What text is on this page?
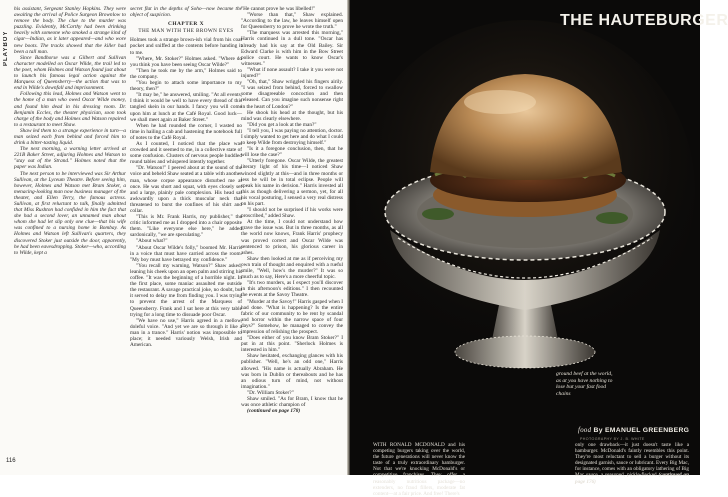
PLAYBOY
116

his assistant, Sergeant Stanley Hopkins. They were awaiting the arrival of Police Surgeon Brownlow to remove the body. The clue to the murder was puzzling. Evidently, McCarthy had been drinking heavily with someone who smoked a strange kind of cigar—Indian, as it later appeared—and who wore new boots. The tracks showed that the killer had been a tall man.

Since Bandhorse was a Gilbert and Sullivan character modelled on Oscar Wilde, the trail led to the poet, whom Holmes and Watson found just about to launch his famous legal action against the Marquess of Queensberry—the action that was to end in Wilde's downfall and imprisonment.

Following this lead, Holmes and Watson went to the home of a man who owed Oscar Wilde money, and found him dead in his dressing room. Dr. Benjamin Eccles, the theater physician, soon took charge of the body and Holmes and Watson repaired to a restaurant to meet Shaw.

Shaw led them to a strange experience in turn—a man seized each from behind and forced him to drink a bitter-tasting liquid.

The next morning, a warning letter arrived at 221B Baker Street, adjuring Holmes and Watson to "stay out of the Strand." Holmes noted that the paper was Indian.

The next person to be interviewed was Sir Arthur Sullivan, at the Lyceum Theatre. Before seeing him, however, Holmes and Watson met Bram Stoker, a menacing-looking man now business manager of the theater, and Ellen Terry, the famous actress. Sullivan, at first reluctant to talk, finally admitted that Miss Rushton had confided in him the fact that she had a second lover, an unnamed man about whom she had let slip only one clue—that his wife was confined to a nursing home in Bombay. As Holmes and Watson left Sullivan's quarters, they discovered Stoker just outside the door, apparently, he had been eavesdropping. Stoker—who, according to Wilde, kept a

secret flat in the depths of Soho—now became the object of suspicion.

CHAPTER X

THE MAN WITH THE BROWN EYES

Holmes took a strange brown-ish vial from his coat pocket and sniffed at the contents before handing it to me.

"Where, Mr. Stoker?" Holmes asked. "Where do you think you have been seeing Oscar Wilde?"

"Then he took me by the arm," Holmes said to the company.

"You begin to attach some importance to my theory, then?"

"It may be," he answered, smiling. "At all events, I think it would be well to have every thread of this tangled skein in our hands. I fancy you will come upon him at lunch at the Café Royal. Good luck—we shall meet again at Baker Street."

When he had rounded the corner, I wasted no time in hailing a cab and hastening the notebook full of notes to the Café Royal.

As I counted, I noticed that the place was crowded and it seemed to me, in a collective state of some confusion. Clusters of nervous people huddled round tables and whispered intently together.

"Dr. Watson!" I peered about at the sound of the voice and beheld Shaw seated at a table with another man, whose corpse appearance disturbed me at once. He was short and squat, with eyes closely set and a large, plainly pale complexion. His head sat awkwardly upon a thick muscular neck that threatened to burst the confines of his shirt and collar.

"This is Mr. Frank Harris, my publisher," the critic informed me as I dropped into a chair opposite them. "Like everyone else here," he added sardonically, "we are speculating."

"About what?"

"About Oscar Wilde's folly," boomed Mr. Harris in a voice that must have carried across the room. "My boy must have betrayed my confidence."

"You recall my warning, Watson?" Shaw asked, leaning his cheek upon an open palm and stirring his coffee. "It was the beginning of a horrible night. In the first place, some maniac assaulted me outside the restaurant. A savage practical joke, no doubt, but it served to delay me from finding you. I was trying to prevent the arrest of the Marquess of Queensberry. Frank and I sat here at this very table trying for a long time to dissuade poor Oscar.

"We have no use," Harris agreed in a mellow, doleful voice. "And yet we are so through it like a man in a trance." Harris' notion was impossible to place; it needed variously Welsh, Irish and American.

"He cannot prove he was libelled!"

"Worse than that," Shaw explained. "According to the law, he leaves himself open for Queensberry to prove he wrote the truth."

"The marquess was arrested this morning," Harris continued in a dull tone. "Oscar has already had his say at the Old Bailey. Sir Edward Clarke is with him in the Bow Street police court. He wants to know Oscar's witnesses."

"What if none assault? I take it you were not injured?"

"Oh, that," Shaw wriggled his fingers airily. "I was seized from behind, forced to swallow some disagreeable concoction and then released. Can you imagine such nonsense right in the heart of London?"

He shook his head at the thought, but his mind was clearly elsewhere.

"Did you get a look at the man?"

"I tell you, I was paying no attention, doctor. I simply wanted to get here and do what I could to keep Wilde from destroying himself."

"Is it a foregone conclusion, then, that he will lose the case?"

"Utterly foregone. Oscar Wilde, the greatest literary light of his time—I noticed Shaw winced slightly at this—and in three months or less he will be in total eclipse. People will speak his name in derision." Harris invested all this as though delivering a sermon, yet, for all his vocal posturing, I sensed a very real distress on his part.

"I should not be surprised if his works were proscribed," added Shaw.

At the time, I could not understand how grave the issue was. But in three months, as all the world now knows, Frank Harris' prophecy was proved correct and Oscar Wilde was sentenced to prison, his glorious career in ashes.

Shaw then looked at me as if perceiving my own train of thought and enquired with a rueful smile, "Well, how's the murder?" It was so much as to say, Here's a more cheerful topic.

"It's two murders, as I expect you'll discover in this afternoon's editions." I then recounted the events at the Savoy Theatre.

"Murder at the Savoy!" Harris gasped when I had done. "What is happening? Is the entire fabric of our community to be rent by scandal and horror within the narrow space of four days?" Somehow, he managed to convey the impression of relishing the prospect.

"Does either of you know Bram Stoker?" I put in at this point. "Sherlock Holmes is interested in him."

Shaw hesitated, exchanging glances with his publisher. "Well, he's an odd one," Harris allowed. "His name is actually Abraham. He was born in Dublin or thereabouts and he has an odious turn of mind, not without imagination."

"Dr. William Stoker?"

Shaw smiled. "As for Bram, I know that he was once athletic champion of

(continued on page 178)

THE HAUTEBURGER
ground beef at the world, as at you have nothing to lose but your fast food chains
food By EMANUEL GREENBERG
PHOTOGRAPHY BY J. B. WHITE

WITH RONALD MCDONALD and his competing burgers taking over the world, the future generations will never know the taste of a truly extraordinary hamburger. Not that we're knocking McDonald's or competitive franchises. They offer a reasonably nutritious package—no extenders, no fraud fillers, moderate fat content—at a fair price. And free! There's

only one drawback—it just doesn't taste like a hamburger. McDonald's faintly resembles this point. They're most reluctant to sell a burger without its designated garnish, sauce or lubricant. Every Big Mac, for instance, comes with an obligatory lathering of Big Mac sauce, a seasoned, pickle-flecked (continued on page 176)
